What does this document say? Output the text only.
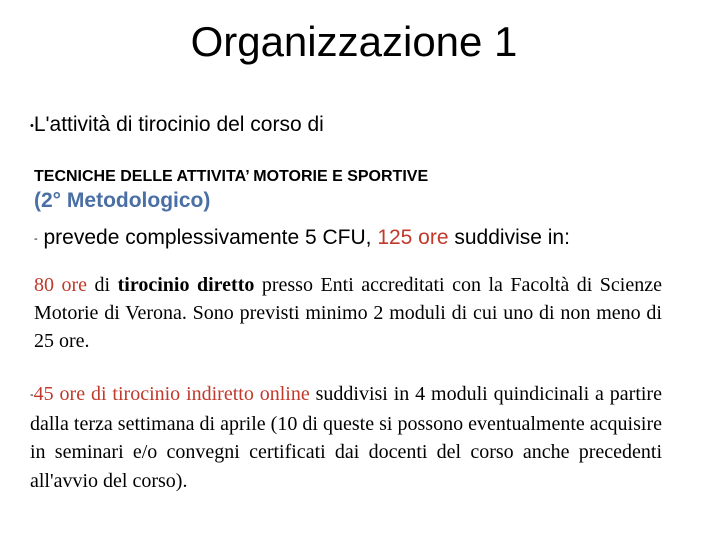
Organizzazione 1

•L'attività di tirocinio del corso di

TECNICHE DELLE ATTIVITA’ MOTORIE E SPORTIVE

(2° Metodologico)

- prevede complessivamente 5 CFU, 125 ore suddivise in:

80 ore di tirocinio diretto presso Enti accreditati con la Facoltà di Scienze Motorie di Verona. Sono previsti minimo 2 moduli di cui uno di non meno di 25 ore.

-45 ore di tirocinio indiretto online suddivisi in 4 moduli quindicinali a partire dalla terza settimana di aprile (10 di queste si possono eventualmente acquisire in seminari e/o convegni certificati dai docenti del corso anche precedenti all'avvio del corso).
